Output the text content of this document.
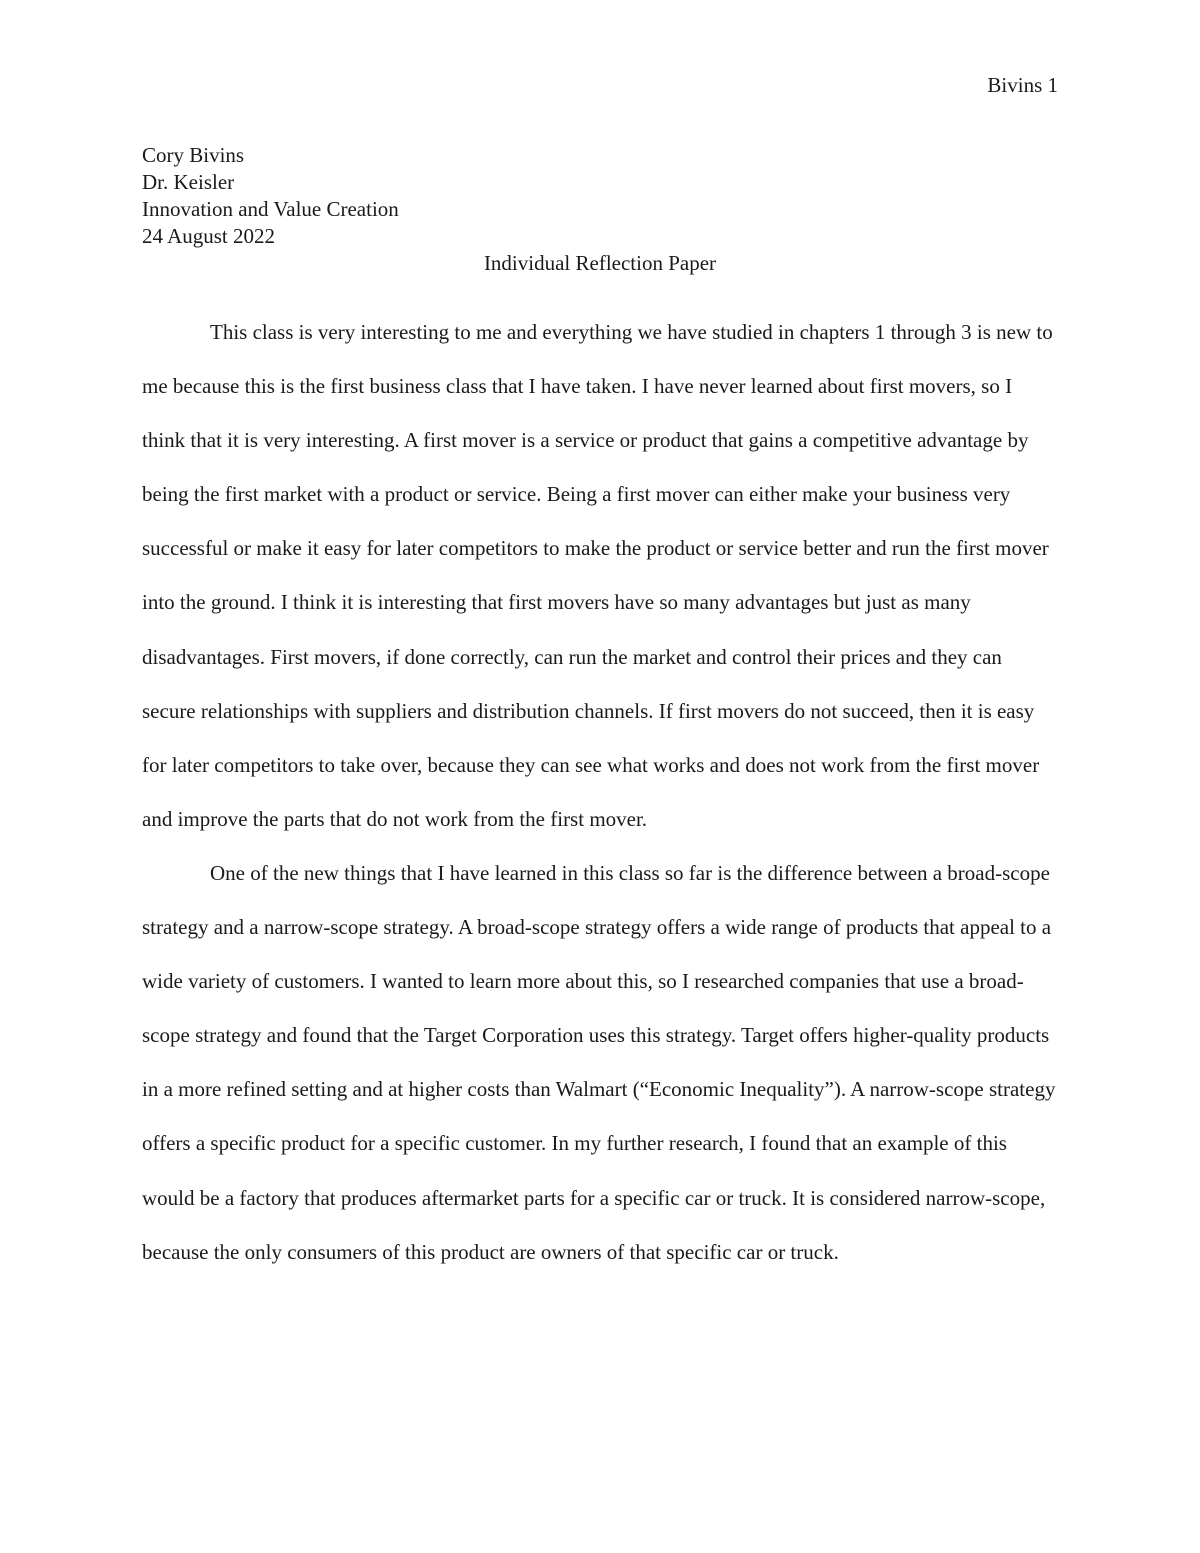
Bivins 1
Cory Bivins
Dr. Keisler
Innovation and Value Creation
24 August 2022
Individual Reflection Paper

This class is very interesting to me and everything we have studied in chapters 1 through 3 is new to me because this is the first business class that I have taken. I have never learned about first movers, so I think that it is very interesting. A first mover is a service or product that gains a competitive advantage by being the first market with a product or service. Being a first mover can either make your business very successful or make it easy for later competitors to make the product or service better and run the first mover into the ground. I think it is interesting that first movers have so many advantages but just as many disadvantages. First movers, if done correctly, can run the market and control their prices and they can secure relationships with suppliers and distribution channels. If first movers do not succeed, then it is easy for later competitors to take over, because they can see what works and does not work from the first mover and improve the parts that do not work from the first mover.

One of the new things that I have learned in this class so far is the difference between a broad-scope strategy and a narrow-scope strategy. A broad-scope strategy offers a wide range of products that appeal to a wide variety of customers. I wanted to learn more about this, so I researched companies that use a broad-scope strategy and found that the Target Corporation uses this strategy. Target offers higher-quality products in a more refined setting and at higher costs than Walmart (“Economic Inequality”). A narrow-scope strategy offers a specific product for a specific customer. In my further research, I found that an example of this would be a factory that produces aftermarket parts for a specific car or truck. It is considered narrow-scope, because the only consumers of this product are owners of that specific car or truck.
